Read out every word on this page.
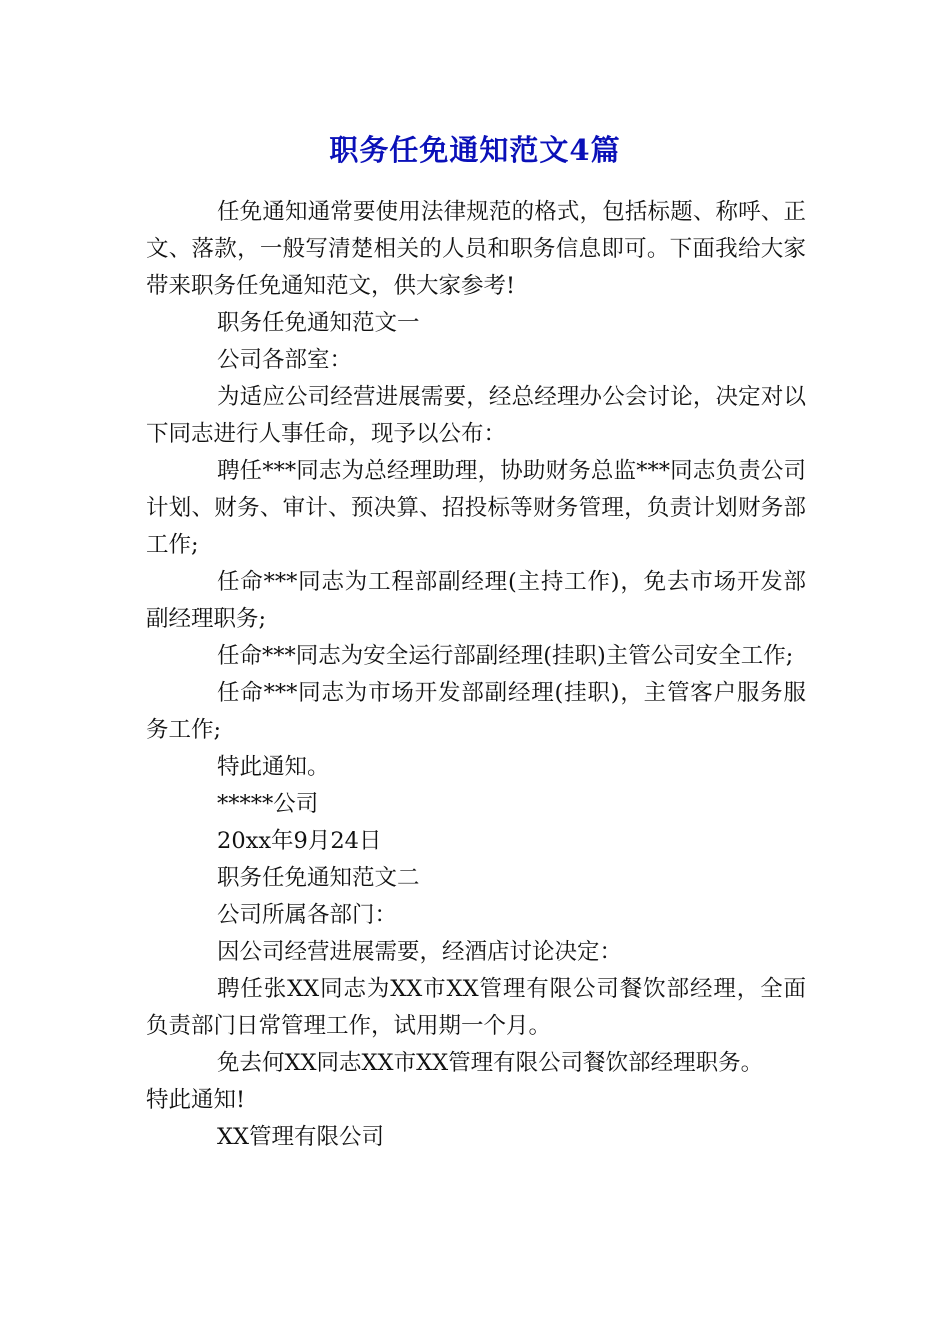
职务任免通知范文4篇

任免通知通常要使用法律规范的格式，包括标题、称呼、正文、落款，一般写清楚相关的人员和职务信息即可。下面我给大家带来职务任免通知范文，供大家参考!

职务任免通知范文一

公司各部室：

为适应公司经营进展需要，经总经理办公会讨论，决定对以下同志进行人事任命，现予以公布：

聘任***同志为总经理助理，协助财务总监***同志负责公司计划、财务、审计、预决算、招投标等财务管理，负责计划财务部工作;

任命***同志为工程部副经理(主持工作)，免去市场开发部副经理职务;

任命***同志为安全运行部副经理(挂职)主管公司安全工作;

任命***同志为市场开发部副经理(挂职)，主管客户服务服务工作;

特此通知。

*****公司

20xx年9月24日

职务任免通知范文二

公司所属各部门：

因公司经营进展需要，经酒店讨论决定：

聘任张XX同志为XX市XX管理有限公司餐饮部经理，全面负责部门日常管理工作，试用期一个月。

免去何XX同志XX市XX管理有限公司餐饮部经理职务。

特此通知!

XX管理有限公司
